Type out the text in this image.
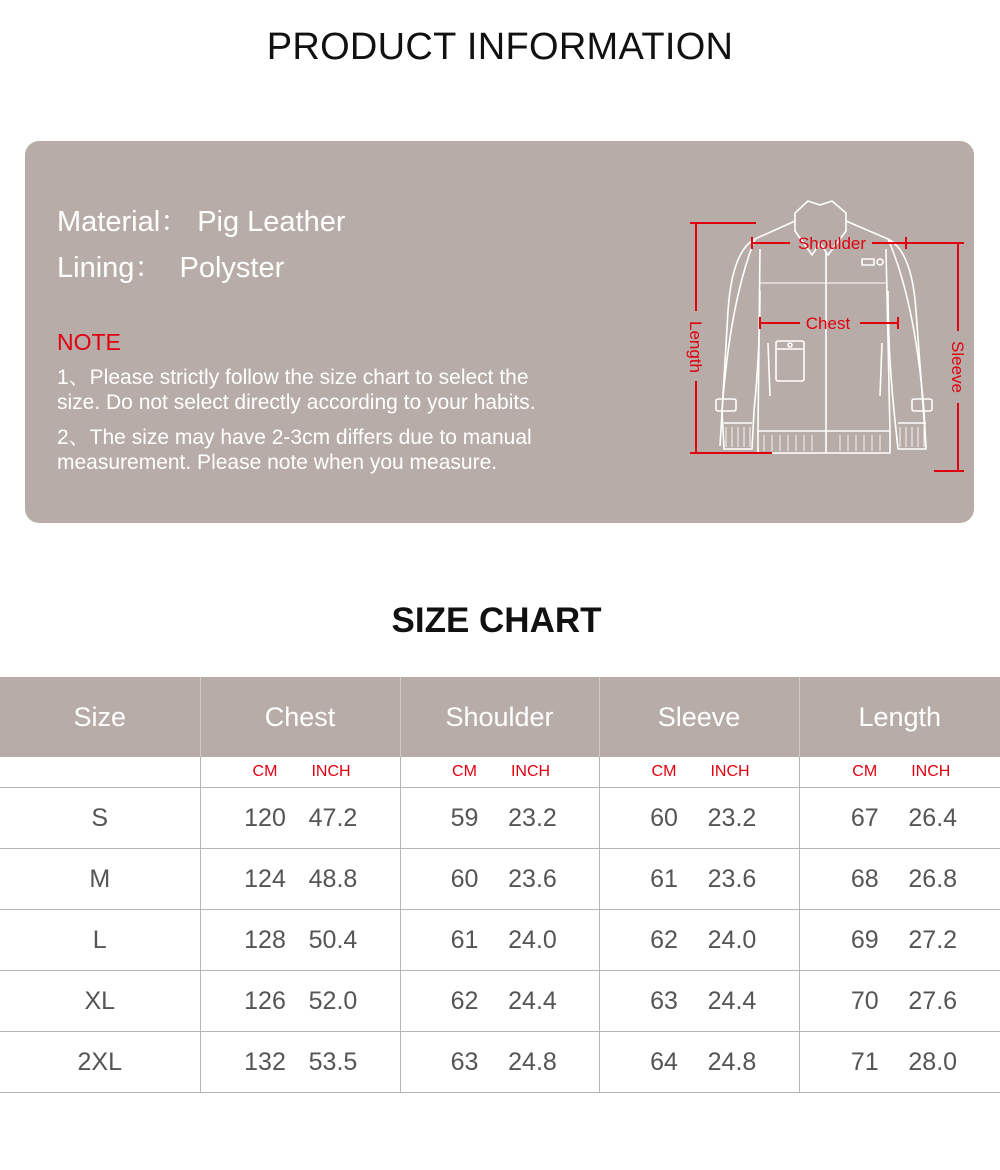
PRODUCT INFORMATION
Material： Pig Leather
Lining：  Polyster
NOTE
1、Please strictly follow the size chart to select the
size. Do not select directly according to your habits.
2、The size may have 2-3cm differs due to manual
measurement. Please note when you measure.
Shoulder
Chest
Length	Sleeve
SIZE CHART
Size	Chest	Shoulder	Sleeve	Length

	CM INCH	CM INCH	CM INCH	CM INCH

S	120 47.2	59 23.2	60 23.2	67 26.4

M	124 48.8	60 23.6	61 23.6	68 26.8

L	128 50.4	61 24.0	62 24.0	69 27.2

XL	126 52.0	62 24.4	63 24.4	70 27.6

2XL	132 53.5	63 24.8	64 24.8	71 28.0
